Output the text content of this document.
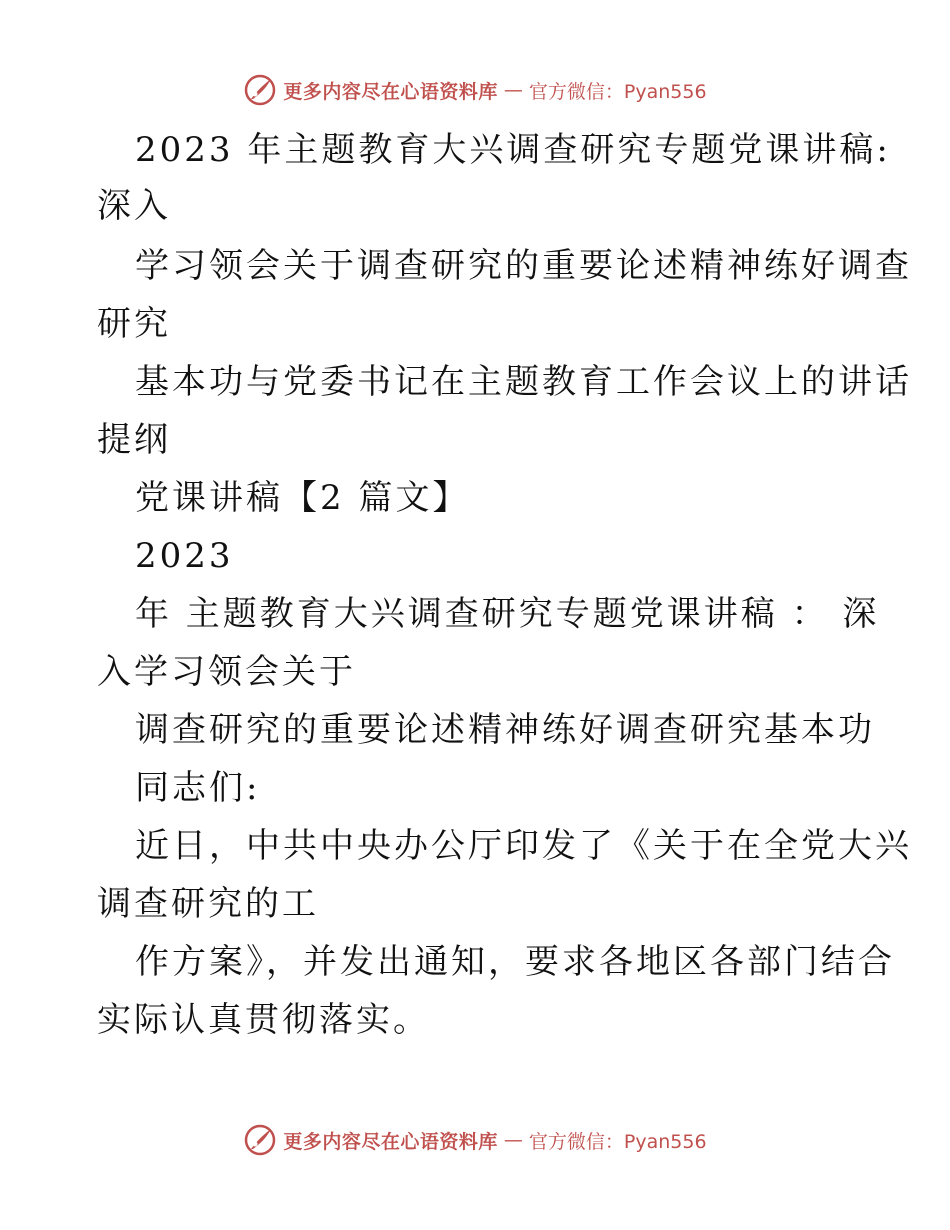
更多内容尽在心语资料库 — 官方微信：Pyan556
2023 年主题教育大兴调查研究专题党课讲稿:
深入
学习领会关于调查研究的重要论述精神练好调查
研究
基本功与党委书记在主题教育工作会议上的讲话
提纲
党课讲稿【2 篇文】
2023
年 主题教育大兴调查研究专题党课讲稿 ： 深
入学习领会关于
调查研究的重要论述精神练好调查研究基本功
同志们:
近日，中共中央办公厅印发了《关于在全党大兴
调查研究的工
作方案》，并发出通知，要求各地区各部门结合
实际认真贯彻落实。
更多内容尽在心语资料库 — 官方微信：Pyan556
